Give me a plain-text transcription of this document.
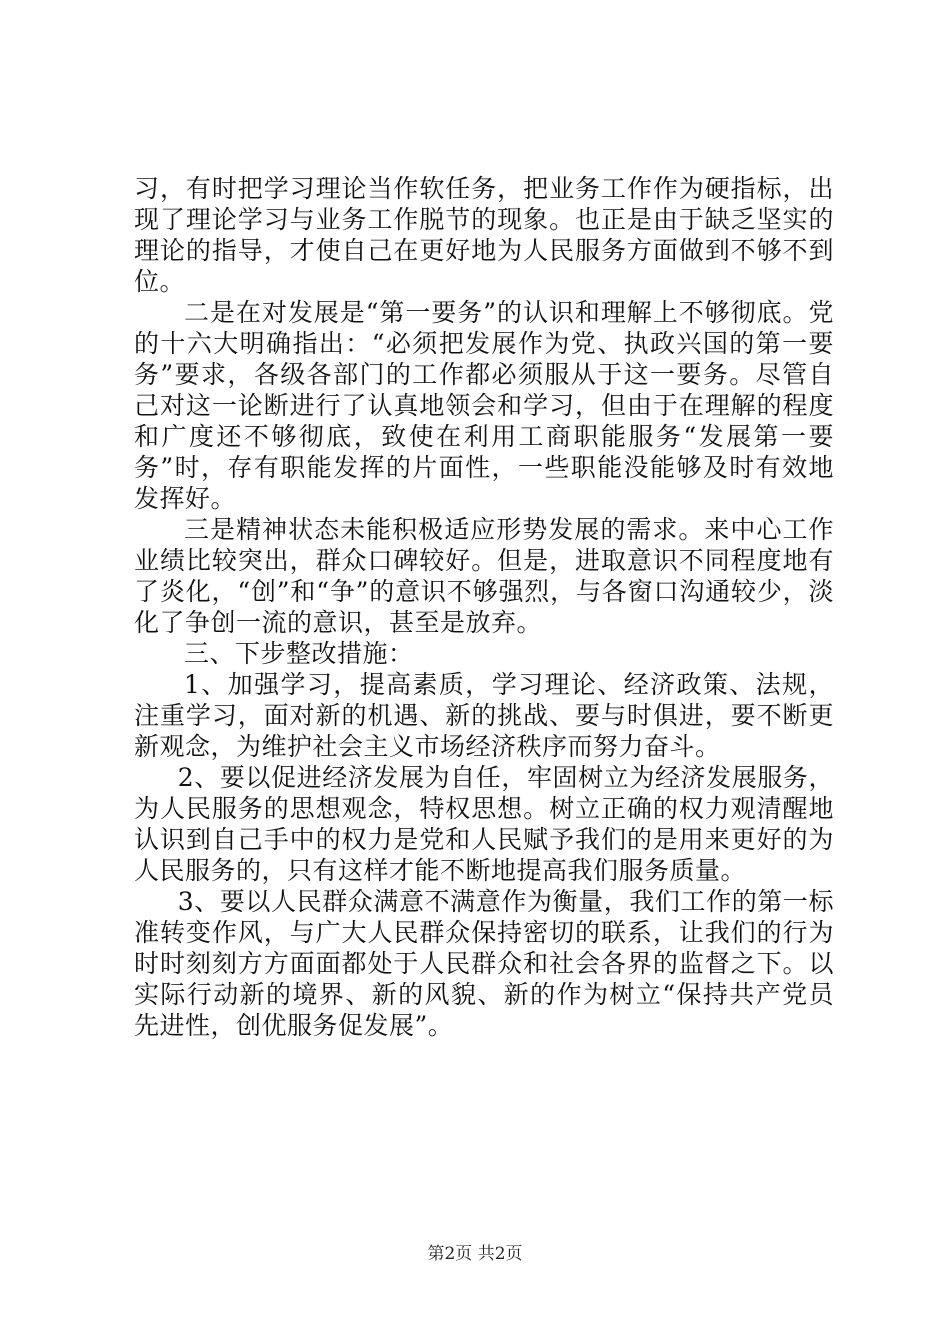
习，有时把学习理论当作软任务，把业务工作作为硬指标，出现了理论学习与业务工作脱节的现象。也正是由于缺乏坚实的理论的指导，才使自己在更好地为人民服务方面做到不够不到位。

二是在对发展是“第一要务”的认识和理解上不够彻底。党的十六大明确指出：“必须把发展作为党、执政兴国的第一要务”要求，各级各部门的工作都必须服从于这一要务。尽管自己对这一论断进行了认真地领会和学习，但由于在理解的程度和广度还不够彻底，致使在利用工商职能服务“发展第一要务”时，存有职能发挥的片面性，一些职能没能够及时有效地发挥好。

三是精神状态未能积极适应形势发展的需求。来中心工作业绩比较突出，群众口碑较好。但是，进取意识不同程度地有了炎化，“创”和“争”的意识不够强烈，与各窗口沟通较少，淡化了争创一流的意识，甚至是放弃。

三、下步整改措施：

1、加强学习，提高素质，学习理论、经济政策、法规，注重学习，面对新的机遇、新的挑战、要与时俱进，要不断更新观念，为维护社会主义市场经济秩序而努力奋斗。

2、要以促进经济发展为自任，牢固树立为经济发展服务，为人民服务的思想观念，特权思想。树立正确的权力观清醒地认识到自己手中的权力是党和人民赋予我们的是用来更好的为人民服务的，只有这样才能不断地提高我们服务质量。

3、要以人民群众满意不满意作为衡量，我们工作的第一标准转变作风，与广大人民群众保持密切的联系，让我们的行为时时刻刻方方面面都处于人民群众和社会各界的监督之下。以实际行动新的境界、新的风貌、新的作为树立“保持共产党员先进性，创优服务促发展”。

第2页 共2页
